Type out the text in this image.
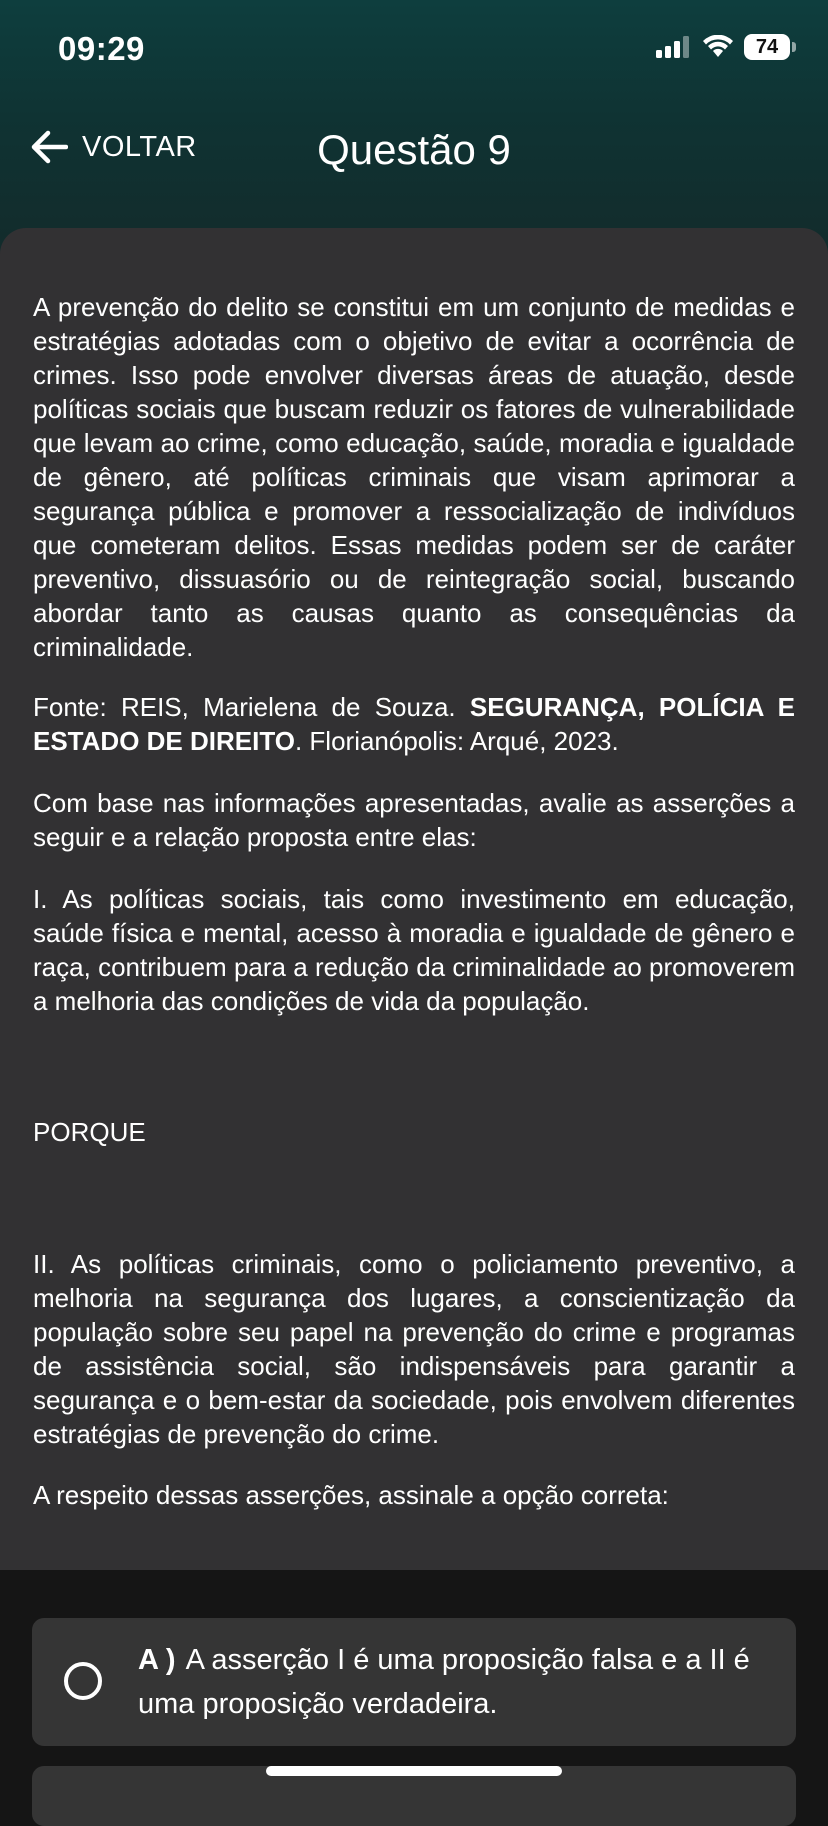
09:29	74
VOLTAR	Questão 9
A prevenção do delito se constitui em um conjunto de medidas e estratégias adotadas com o objetivo de evitar a ocorrência de crimes. Isso pode envolver diversas áreas de atuação, desde políticas sociais que buscam reduzir os fatores de vulnerabilidade que levam ao crime, como educação, saúde, moradia e igualdade de gênero, até políticas criminais que visam aprimorar a segurança pública e promover a ressocialização de indivíduos que cometeram delitos. Essas medidas podem ser de caráter preventivo, dissuasório ou de reintegração social, buscando abordar tanto as causas quanto as consequências da criminalidade.
Fonte: REIS, Marielena de Souza. SEGURANÇA, POLÍCIA E ESTADO DE DIREITO. Florianópolis: Arqué, 2023.
Com base nas informações apresentadas, avalie as asserções a seguir e a relação proposta entre elas:
I. As políticas sociais, tais como investimento em educação, saúde física e mental, acesso à moradia e igualdade de gênero e raça, contribuem para a redução da criminalidade ao promoverem a melhoria das condições de vida da população.
PORQUE
II. As políticas criminais, como o policiamento preventivo, a melhoria na segurança dos lugares, a conscientização da população sobre seu papel na prevenção do crime e programas de assistência social, são indispensáveis para garantir a segurança e o bem-estar da sociedade, pois envolvem diferentes estratégias de prevenção do crime.
A respeito dessas asserções, assinale a opção correta:
A ) A asserção I é uma proposição falsa e a II é uma proposição verdadeira.
